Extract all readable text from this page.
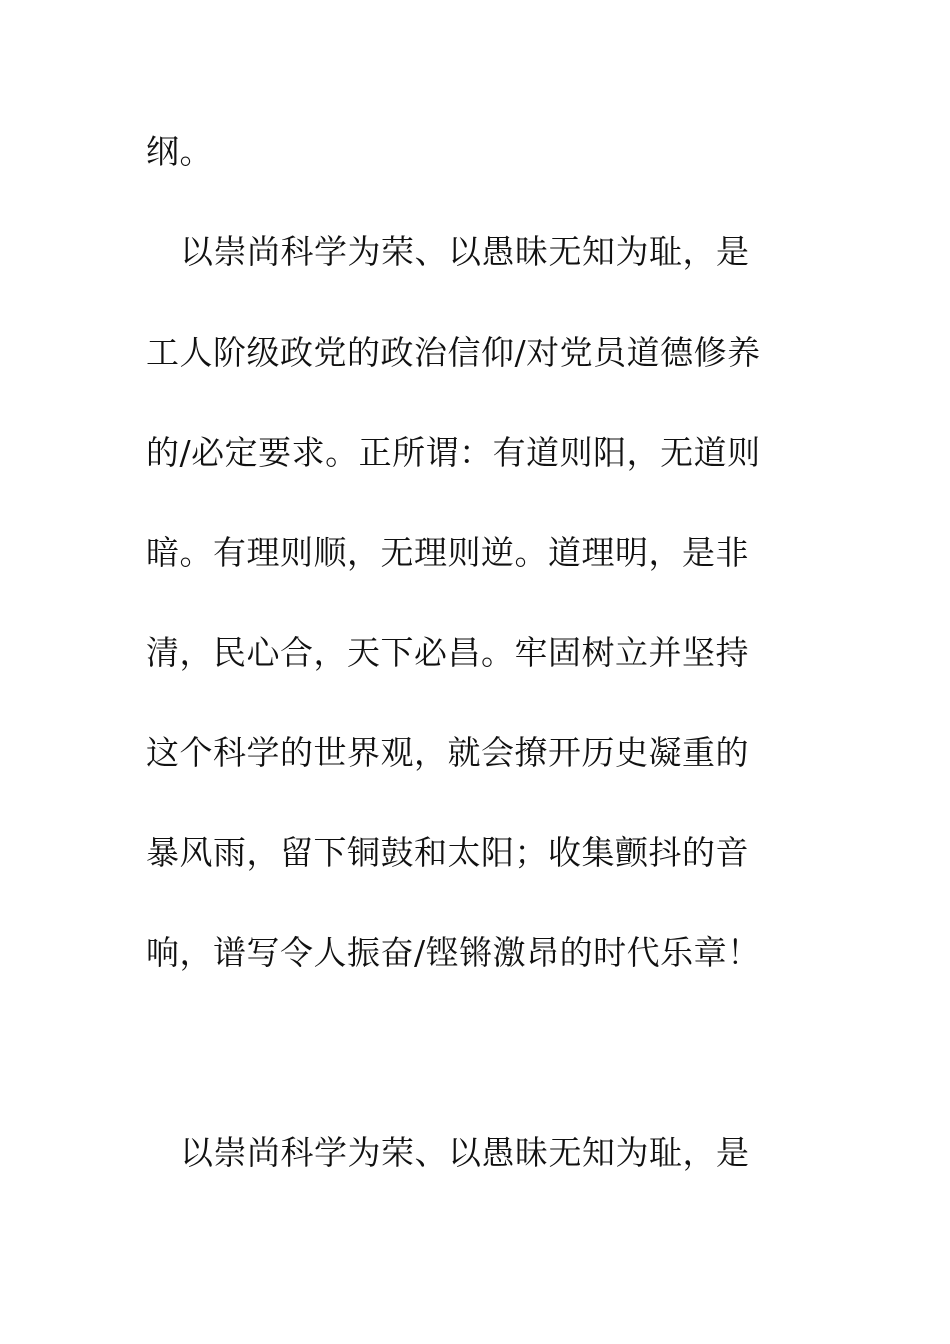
纲。
以崇尚科学为荣、以愚昧无知为耻，是
工人阶级政党的政治信仰/对党员道德修养
的/必定要求。正所谓：有道则阳，无道则
暗。有理则顺，无理则逆。道理明，是非
清，民心合，天下必昌。牢固树立并坚持
这个科学的世界观，就会撩开历史凝重的
暴风雨，留下铜鼓和太阳；收集颤抖的音
响，谱写令人振奋/铿锵激昂的时代乐章！
以崇尚科学为荣、以愚昧无知为耻，是
